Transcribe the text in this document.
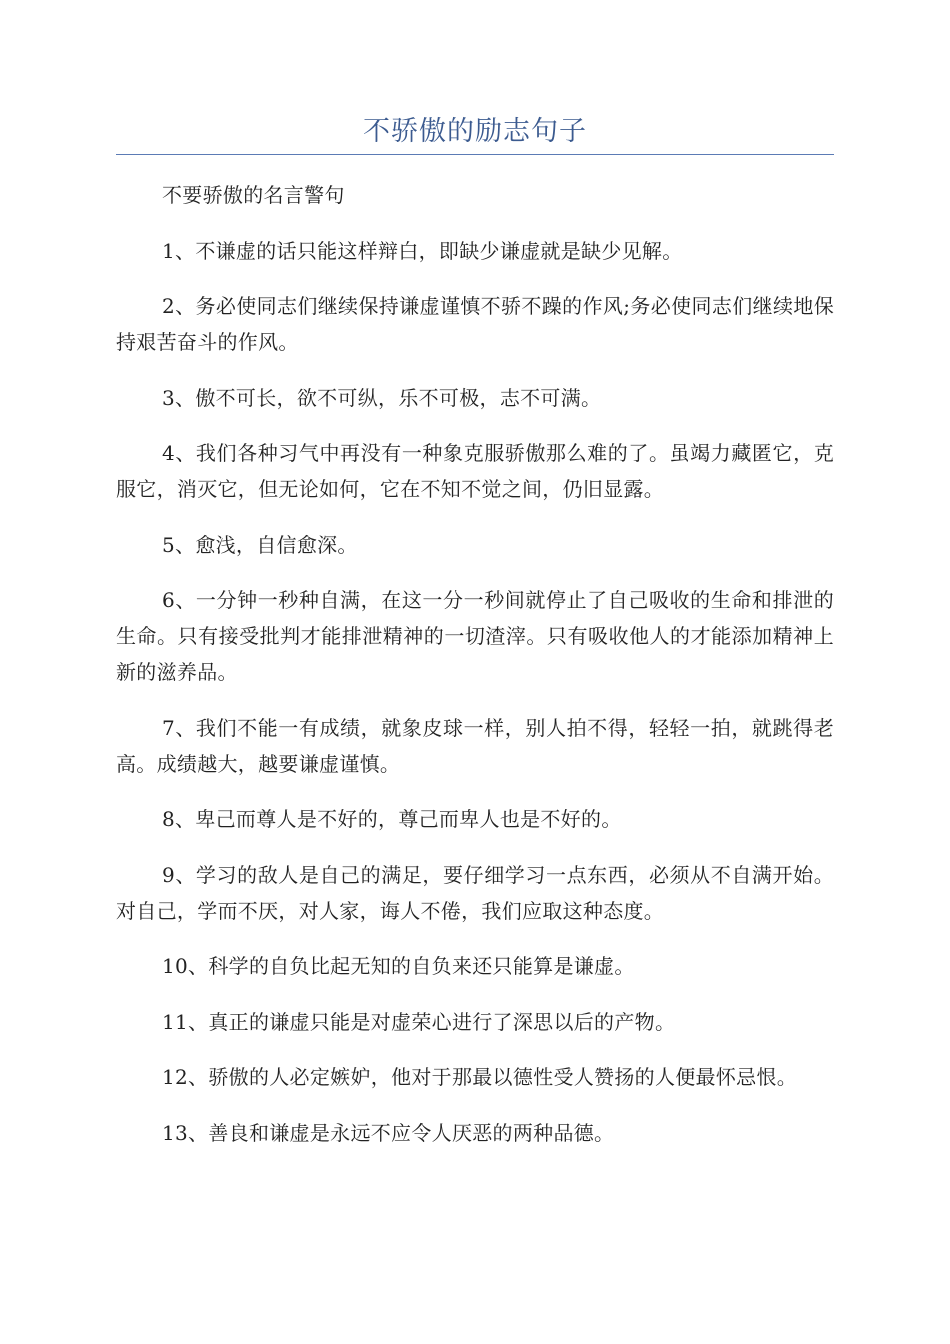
不骄傲的励志句子

不要骄傲的名言警句

1、不谦虚的话只能这样辩白，即缺少谦虚就是缺少见解。

2、务必使同志们继续保持谦虚谨慎不骄不躁的作风;务必使同志们继续地保持艰苦奋斗的作风。

3、傲不可长，欲不可纵，乐不可极，志不可满。

4、我们各种习气中再没有一种象克服骄傲那么难的了。虽竭力藏匿它，克服它，消灭它，但无论如何，它在不知不觉之间，仍旧显露。

5、愈浅，自信愈深。

6、一分钟一秒种自满，在这一分一秒间就停止了自己吸收的生命和排泄的生命。只有接受批判才能排泄精神的一切渣滓。只有吸收他人的才能添加精神上新的滋养品。

7、我们不能一有成绩，就象皮球一样，别人拍不得，轻轻一拍，就跳得老高。成绩越大，越要谦虚谨慎。

8、卑己而尊人是不好的，尊己而卑人也是不好的。

9、学习的敌人是自己的满足，要仔细学习一点东西，必须从不自满开始。对自己，学而不厌，对人家，诲人不倦，我们应取这种态度。

10、科学的自负比起无知的自负来还只能算是谦虚。

11、真正的谦虚只能是对虚荣心进行了深思以后的产物。

12、骄傲的人必定嫉妒，他对于那最以德性受人赞扬的人便最怀忌恨。

13、善良和谦虚是永远不应令人厌恶的两种品德。
